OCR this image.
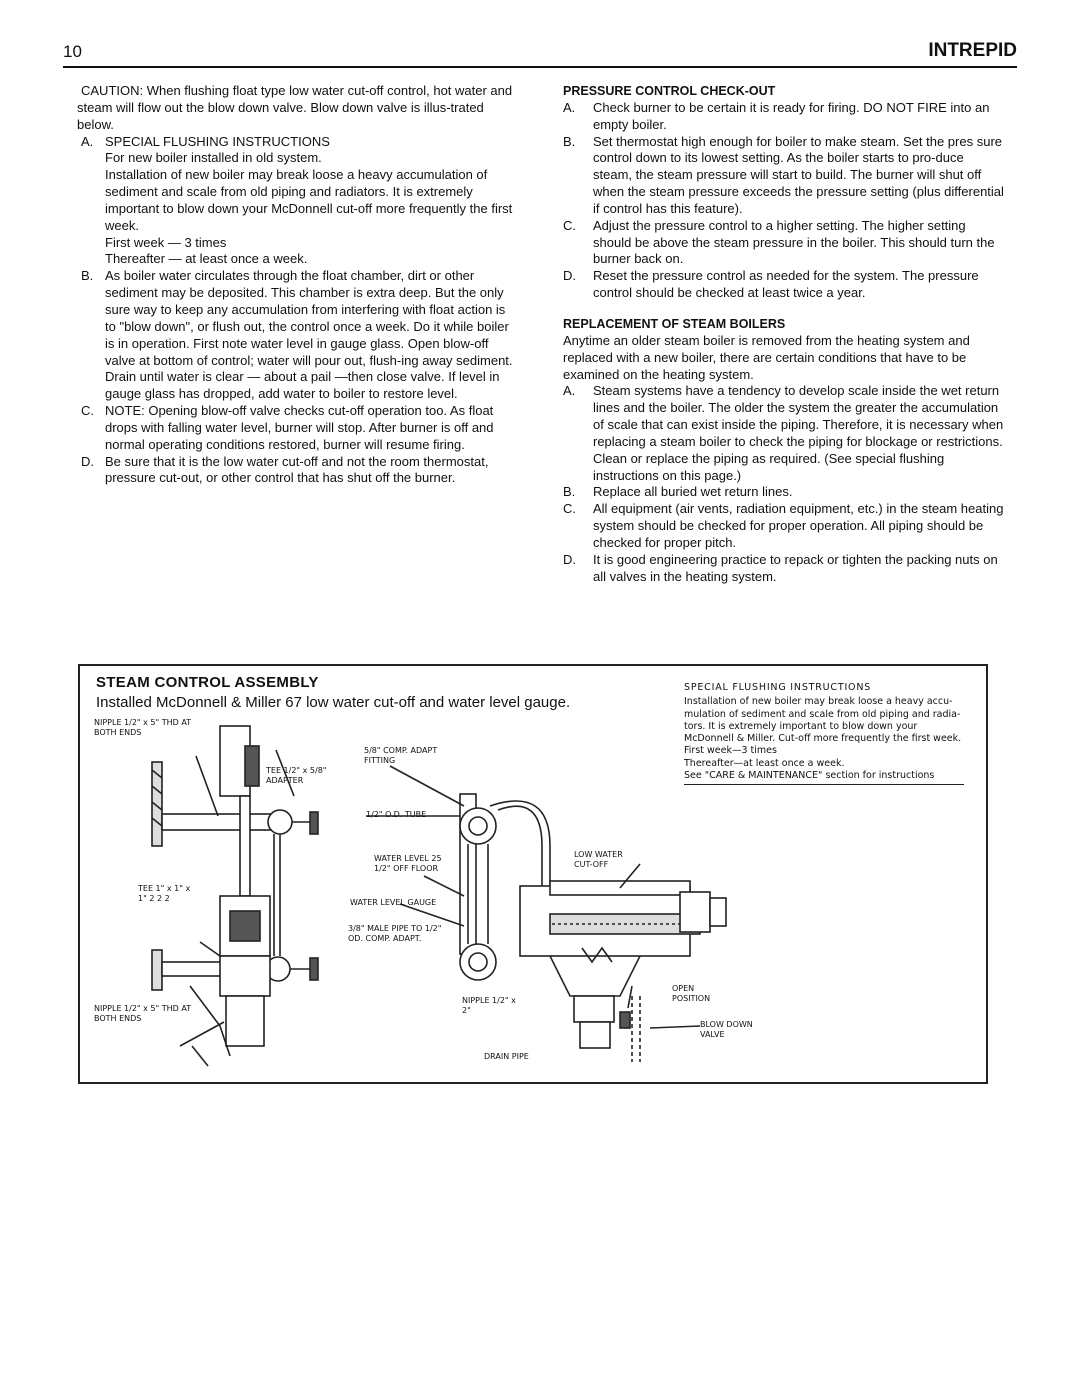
10	INTREPID

CAUTION: When flushing float type low water cut-off control, hot water and steam will flow out the blow down valve. Blow down valve is illus-trated below.

A. SPECIAL FLUSHING INSTRUCTIONS

For new boiler installed in old system.

Installation of new boiler may break loose a heavy accumulation of sediment and scale from old piping and radiators. It is extremely important to blow down your McDonnell cut-off more frequently the first week.

First week — 3 times

Thereafter — at least once a week.

B. As boiler water circulates through the float chamber, dirt or other sediment may be deposited. This chamber is extra deep. But the only sure way to keep any accumulation from interfering with float action is to "blow down", or flush out, the control once a week. Do it while boiler is in operation. First note water level in gauge glass. Open blow-off valve at bottom of control; water will pour out, flush-ing away sediment. Drain until water is clear — about a pail —then close valve. If level in gauge glass has dropped, add water to boiler to restore level.

C. NOTE: Opening blow-off valve checks cut-off operation too. As float drops with falling water level, burner will stop. After burner is off and normal operating conditions restored, burner will resume firing.

D. Be sure that it is the low water cut-off and not the room thermostat, pressure cut-out, or other control that has shut off the burner.

PRESSURE CONTROL CHECK-OUT

A. Check burner to be certain it is ready for firing. DO NOT FIRE into an empty boiler.

B. Set thermostat high enough for boiler to make steam. Set the pres sure control down to its lowest setting. As the boiler starts to pro-duce steam, the steam pressure will start to build. The burner will shut off when the steam pressure exceeds the pressure setting (plus differential if control has this feature).

C. Adjust the pressure control to a higher setting. The higher setting should be above the steam pressure in the boiler. This should turn the burner back on.

D. Reset the pressure control as needed for the system. The pressure control should be checked at least twice a year.

REPLACEMENT OF STEAM BOILERS

Anytime an older steam boiler is removed from the heating system and replaced with a new boiler, there are certain conditions that have to be examined on the heating system.

A. Steam systems have a tendency to develop scale inside the wet return lines and the boiler. The older the system the greater the accumulation of scale that can exist inside the piping. Therefore, it is necessary when replacing a steam boiler to check the piping for blockage or restrictions. Clean or replace the piping as required. (See special flushing instructions on this page.)

B. Replace all buried wet return lines.

C. All equipment (air vents, radiation equipment, etc.) in the steam heating system should be checked for proper operation. All piping should be checked for proper pitch.

D. It is good engineering practice to repack or tighten the packing nuts on all valves in the heating system.

STEAM CONTROL ASSEMBLY
Installed McDonnell & Miller 67 low water cut-off and water level gauge.
SPECIAL FLUSHING INSTRUCTIONS

Installation of new boiler may break loose a heavy accu-mulation of sediment and scale from old piping and radia-tors. It is extremely important to blow down your McDonnell & Miller. Cut-off more frequently the first week.

First week—3 times

Thereafter—at least once a week.

See "CARE & MAINTENANCE" section for instructions

NIPPLE 1/2" x 5" THD AT BOTH ENDS
TEE 1/2" x 5/8" ADAPTER
5/8" COMP. ADAPT FITTING
1/2" O.D. TUBE
WATER LEVEL 25 1/2" OFF FLOOR
LOW WATER CUT-OFF
TEE 1" x 1" x 1" 2 2 2	WATER LEVEL GAUGE
3/8" MALE PIPE TO 1/2" OD. COMP. ADAPT.
NIPPLE 1/2" x 5" THD AT BOTH ENDS
NIPPLE 1/2" x 2"
OPEN POSITION
BLOW DOWN VALVE
DRAIN PIPE
